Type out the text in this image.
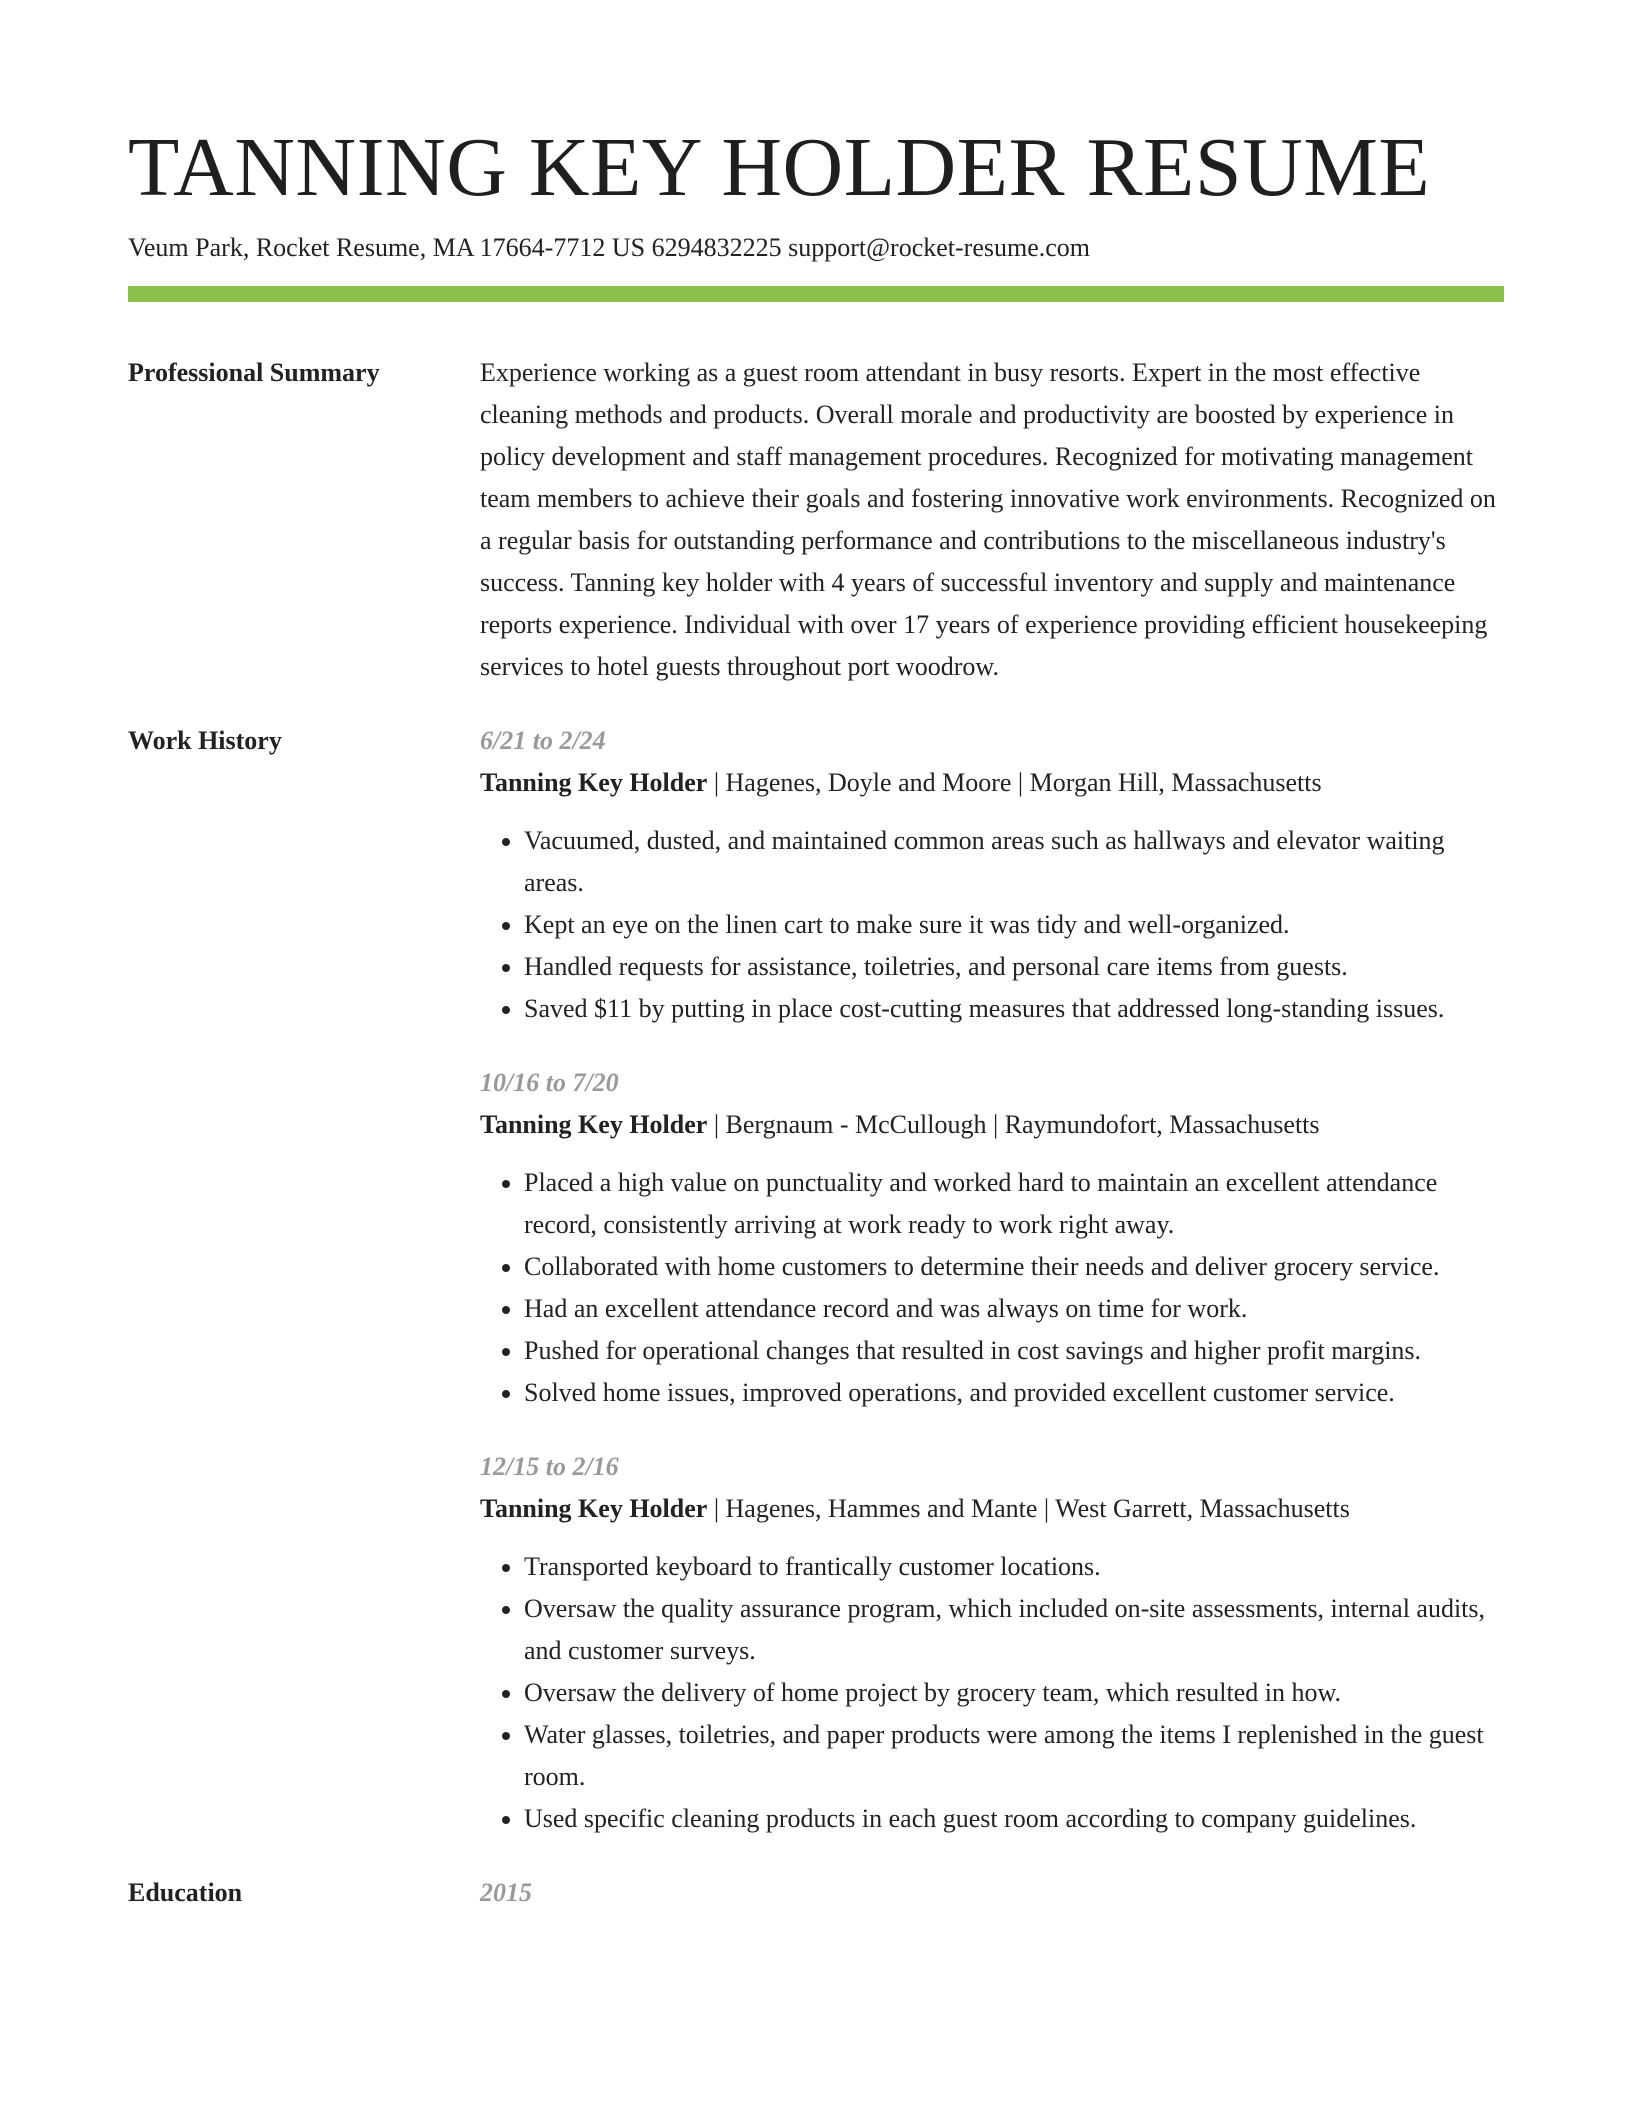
TANNING KEY HOLDER RESUME
Veum Park, Rocket Resume, MA 17664-7712 US 6294832225 support@rocket-resume.com
Professional Summary	Experience working as a guest room attendant in busy resorts. Expert in the most effective cleaning methods and products. Overall morale and productivity are boosted by experience in policy development and staff management procedures. Recognized for motivating management team members to achieve their goals and fostering innovative work environments. Recognized on a regular basis for outstanding performance and contributions to the miscellaneous industry's success. Tanning key holder with 4 years of successful inventory and supply and maintenance reports experience. Individual with over 17 years of experience providing efficient housekeeping services to hotel guests throughout port woodrow.
Work History	6/21 to 2/24
Tanning Key Holder | Hagenes, Doyle and Moore | Morgan Hill, Massachusetts
• Vacuumed, dusted, and maintained common areas such as hallways and elevator waiting areas.
• Kept an eye on the linen cart to make sure it was tidy and well-organized.
• Handled requests for assistance, toiletries, and personal care items from guests.
• Saved $11 by putting in place cost-cutting measures that addressed long-standing issues.
10/16 to 7/20
Tanning Key Holder | Bergnaum - McCullough | Raymundofort, Massachusetts
• Placed a high value on punctuality and worked hard to maintain an excellent attendance record, consistently arriving at work ready to work right away.
• Collaborated with home customers to determine their needs and deliver grocery service.
• Had an excellent attendance record and was always on time for work.
• Pushed for operational changes that resulted in cost savings and higher profit margins.
• Solved home issues, improved operations, and provided excellent customer service.
12/15 to 2/16
Tanning Key Holder | Hagenes, Hammes and Mante | West Garrett, Massachusetts
• Transported keyboard to frantically customer locations.
• Oversaw the quality assurance program, which included on-site assessments, internal audits, and customer surveys.
• Oversaw the delivery of home project by grocery team, which resulted in how.
• Water glasses, toiletries, and paper products were among the items I replenished in the guest room.
• Used specific cleaning products in each guest room according to company guidelines.
Education	2015
